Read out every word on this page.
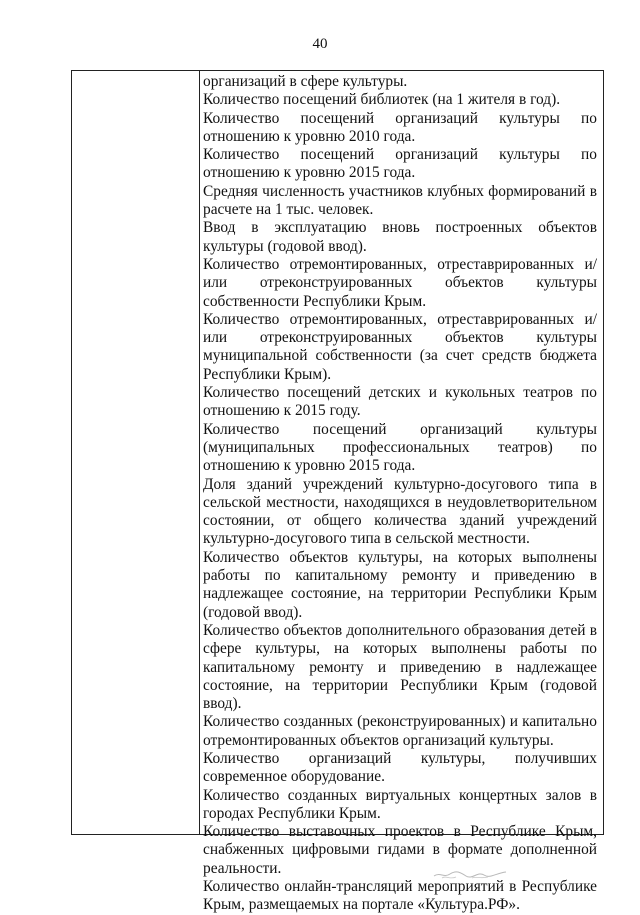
40

организаций в сфере культуры.

Количество посещений библиотек (на 1 жителя в год).

Количество посещений организаций культуры по отношению к уровню 2010 года.

Количество посещений организаций культуры по отношению к уровню 2015 года.

Средняя численность участников клубных формирований в расчете на 1 тыс. человек.

Ввод в эксплуатацию вновь построенных объектов культуры (годовой ввод).

Количество отремонтированных, отреставрированных и/или отреконструированных объектов культуры собственности Республики Крым.

Количество отремонтированных, отреставрированных и/или отреконструированных объектов культуры муниципальной собственности (за счет средств бюджета Республики Крым).

Количество посещений детских и кукольных театров по отношению к 2015 году.

Количество посещений организаций культуры (муниципальных профессиональных театров) по отношению к уровню 2015 года.

Доля зданий учреждений культурно-досугового типа в сельской местности, находящихся в неудовлетворительном состоянии, от общего количества зданий учреждений культурно-досугового типа в сельской местности.

Количество объектов культуры, на которых выполнены работы по капитальному ремонту и приведению в надлежащее состояние, на территории Республики Крым (годовой ввод).

Количество объектов дополнительного образования детей в сфере культуры, на которых выполнены работы по капитальному ремонту и приведению в надлежащее состояние, на территории Республики Крым (годовой ввод).

Количество созданных (реконструированных) и капитально отремонтированных объектов организаций культуры.

Количество организаций культуры, получивших современное оборудование.

Количество созданных виртуальных концертных залов в городах Республики Крым.

Количество выставочных проектов в Республике Крым, снабженных цифровыми гидами в формате дополненной реальности.

Количество онлайн-трансляций мероприятий в Республике Крым, размещаемых на портале «Культура.РФ».
